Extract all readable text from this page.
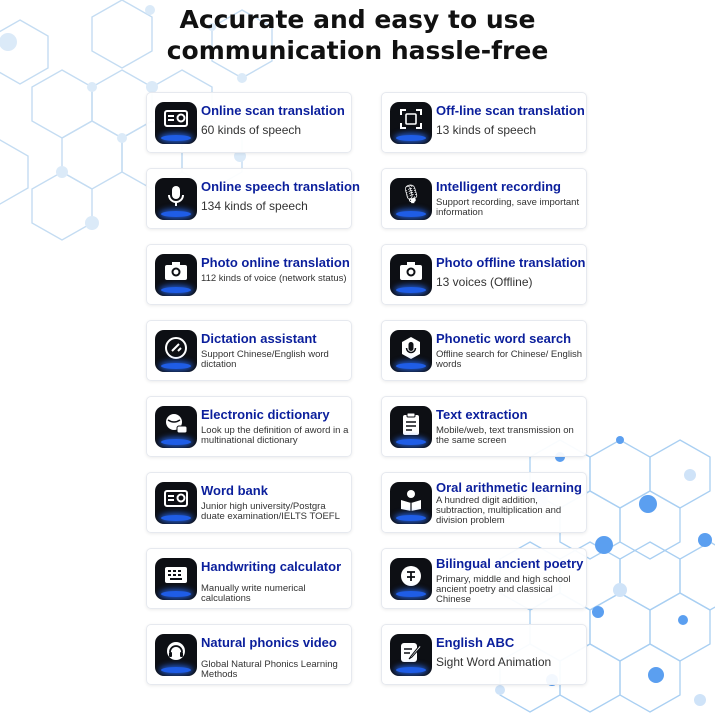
Accurate and easy to use
communication hassle-free
Online scan translation
60 kinds of speech
Off-line scan translation
13 kinds of speech
Online speech translation
134 kinds of speech
🎙	Intelligent recording
Support recording, save important information
Photo online translation
112 kinds of voice (network status)
Photo offline translation
13 voices (Offline)
Dictation assistant
Support Chinese/English word dictation
Phonetic word search
Offline search for Chinese/ English words
Electronic dictionary
Look up the definition of aword in a multinational dictionary
Text extraction
Mobile/web, text transmission on the same screen
Word bank
Junior high university/Postgra duate examination/IELTS TOEFL
Oral arithmetic learning
A hundred digit addition, subtraction, multiplication and division problem
Handwriting calculator
Manually write numerical calculations
Bilingual ancient poetry
Primary, middle and high school ancient poetry and classical Chinese
Natural phonics video
Global Natural Phonics Learning Methods
English ABC
Sight Word Animation
